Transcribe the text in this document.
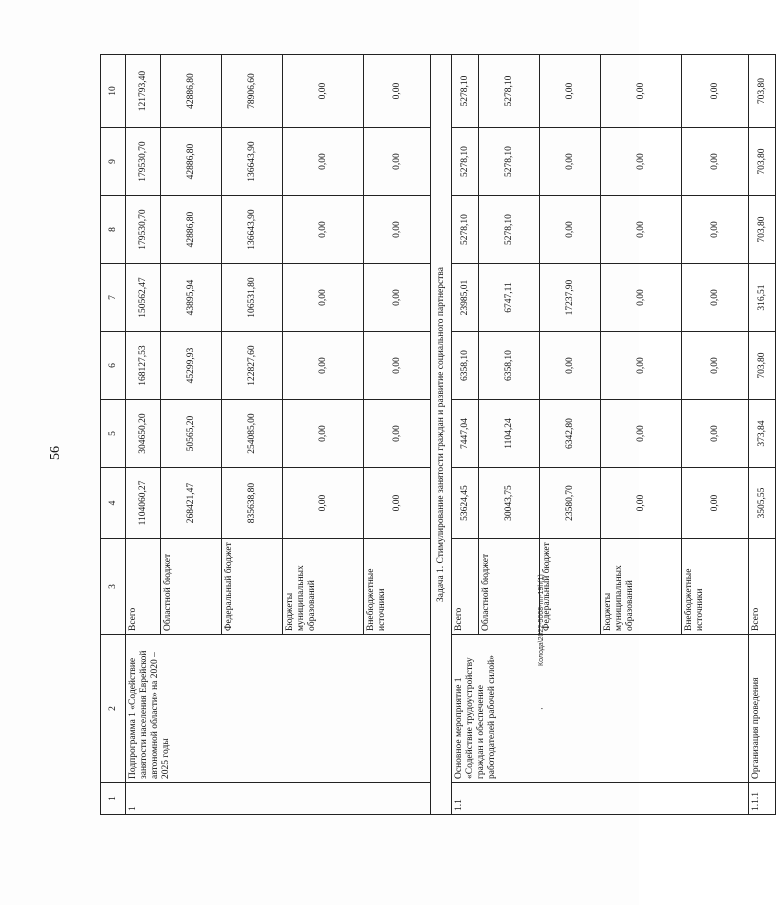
56
Колода\2022-5008-nn-19h(1)
1	2	3	4	5	6	7	8	9	10
1	Подпрограмма 1 «Содействие занятости населения Еврейской автономной области» на 2020 – 2025 годы	Всего	1104060,27	304650,20	168127,53	150562,47	179530,70	179530,70	121793,40
		Областной бюджет	268421,47	50565,20	45299,93	43895,94	42886,80	42886,80	42886,80
		Федеральный бюджет	835638,80	254085,00	122827,60	106531,80	136643,90	136643,90	78906,60
		Бюджеты муниципальных образований	0,00	0,00	0,00	0,00	0,00	0,00	0,00
		Внебюджетные источники	0,00	0,00	0,00	0,00	0,00	0,00	0,00
Задача 1. Стимулирование занятости граждан и развитие социального партнерства									
1.1	Основное мероприятие 1 «Содействие трудоустройству граждан и обеспечение работодателей рабочей силой» ·	Всего	53624,45	7447,04	6358,10	23985,01	5278,10	5278,10	5278,10
		Областной бюджет	30043,75	1104,24	6358,10	6747,11	5278,10	5278,10	5278,10
		Федеральный бюджет	23580,70	6342,80	0,00	17237,90	0,00	0,00	0,00
		Бюджеты муниципальных образований	0,00	0,00	0,00	0,00	0,00	0,00	0,00
		Внебюджетные источники	0,00	0,00	0,00	0,00	0,00	0,00	0,00
1.1.1	Организация проведения	Всего	3505,55	373,84	703,80	316,51	703,80	703,80	703,80
